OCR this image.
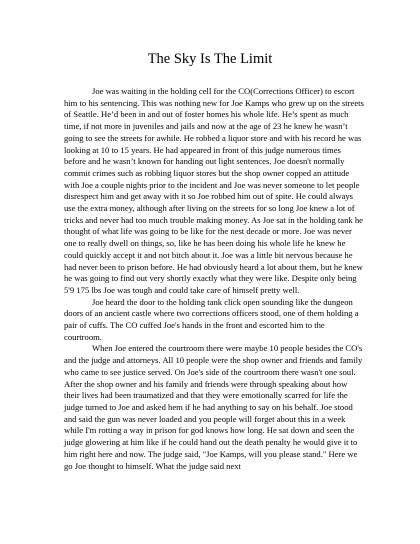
The Sky Is The Limit

Joe was waiting in the holding cell for the CO(Corrections Officer) to escort him to his sentencing. This was nothing new for Joe Kamps who grew up on the streets of Seattle. He’d been in and out of foster homes his whole life. He’s spent as much time, if not more in juveniles and jails and now at the age of 23 he knew he wasn’t going to see the streets for awhile. He robbed a liquor store and with his record he was looking at 10 to 15 years. He had appeared in front of this judge numerous times before and he wasn’t known for handing out light sentences. Joe doesn't normally commit crimes such as robbing liquor stores but the shop owner copped an attitude with Joe a couple nights prior to the incident and Joe was never someone to let people disrespect him and get away with it so Joe robbed him out of spite. He could always use the extra money, although after living on the streets for so long Joe knew a lot of tricks and never had too much trouble making money. As Joe sat in the holding tank he thought of what life was going to be like for the nest decade or more. Joe was never one to really dwell on things, so, like he has been doing his whole life he knew he could quickly accept it and not bitch about it. Joe was a little bit nervous because he had never been to prison before. He had obviously heard a lot about them, but he knew he was going to find out very shortly exactly what they were like. Despite only being 5'9 175 lbs Joe was tough and could take care of himself pretty well.

Joe heard the door to the holding tank click open sounding like the dungeon doors of an ancient castle where two corrections officers stood, one of them holding a pair of cuffs. The CO cuffed Joe's hands in the front and escorted him to the courtroom.

When Joe entered the courtroom there were maybe 10 people besides the CO's and the judge and attorneys. All 10 people were the shop owner and friends and family who came to see justice served. On Joe's side of the courtroom there wasn't one soul. After the shop owner and his family and friends were through speaking about how their lives had been traumatized and that they were emotionally scarred for life the judge turned to Joe and asked hem if he had anything to say on his behalf. Joe stood and said the gun was never loaded and you people will forget about this in a week while I'm rotting a way in prison for god knows how long. He sat down and seen the judge glowering at him like if he could hand out the death penalty he would give it to him right here and now. The judge said, "Joe Kamps, will you please stand." Here we go Joe thought to himself. What the judge said next
